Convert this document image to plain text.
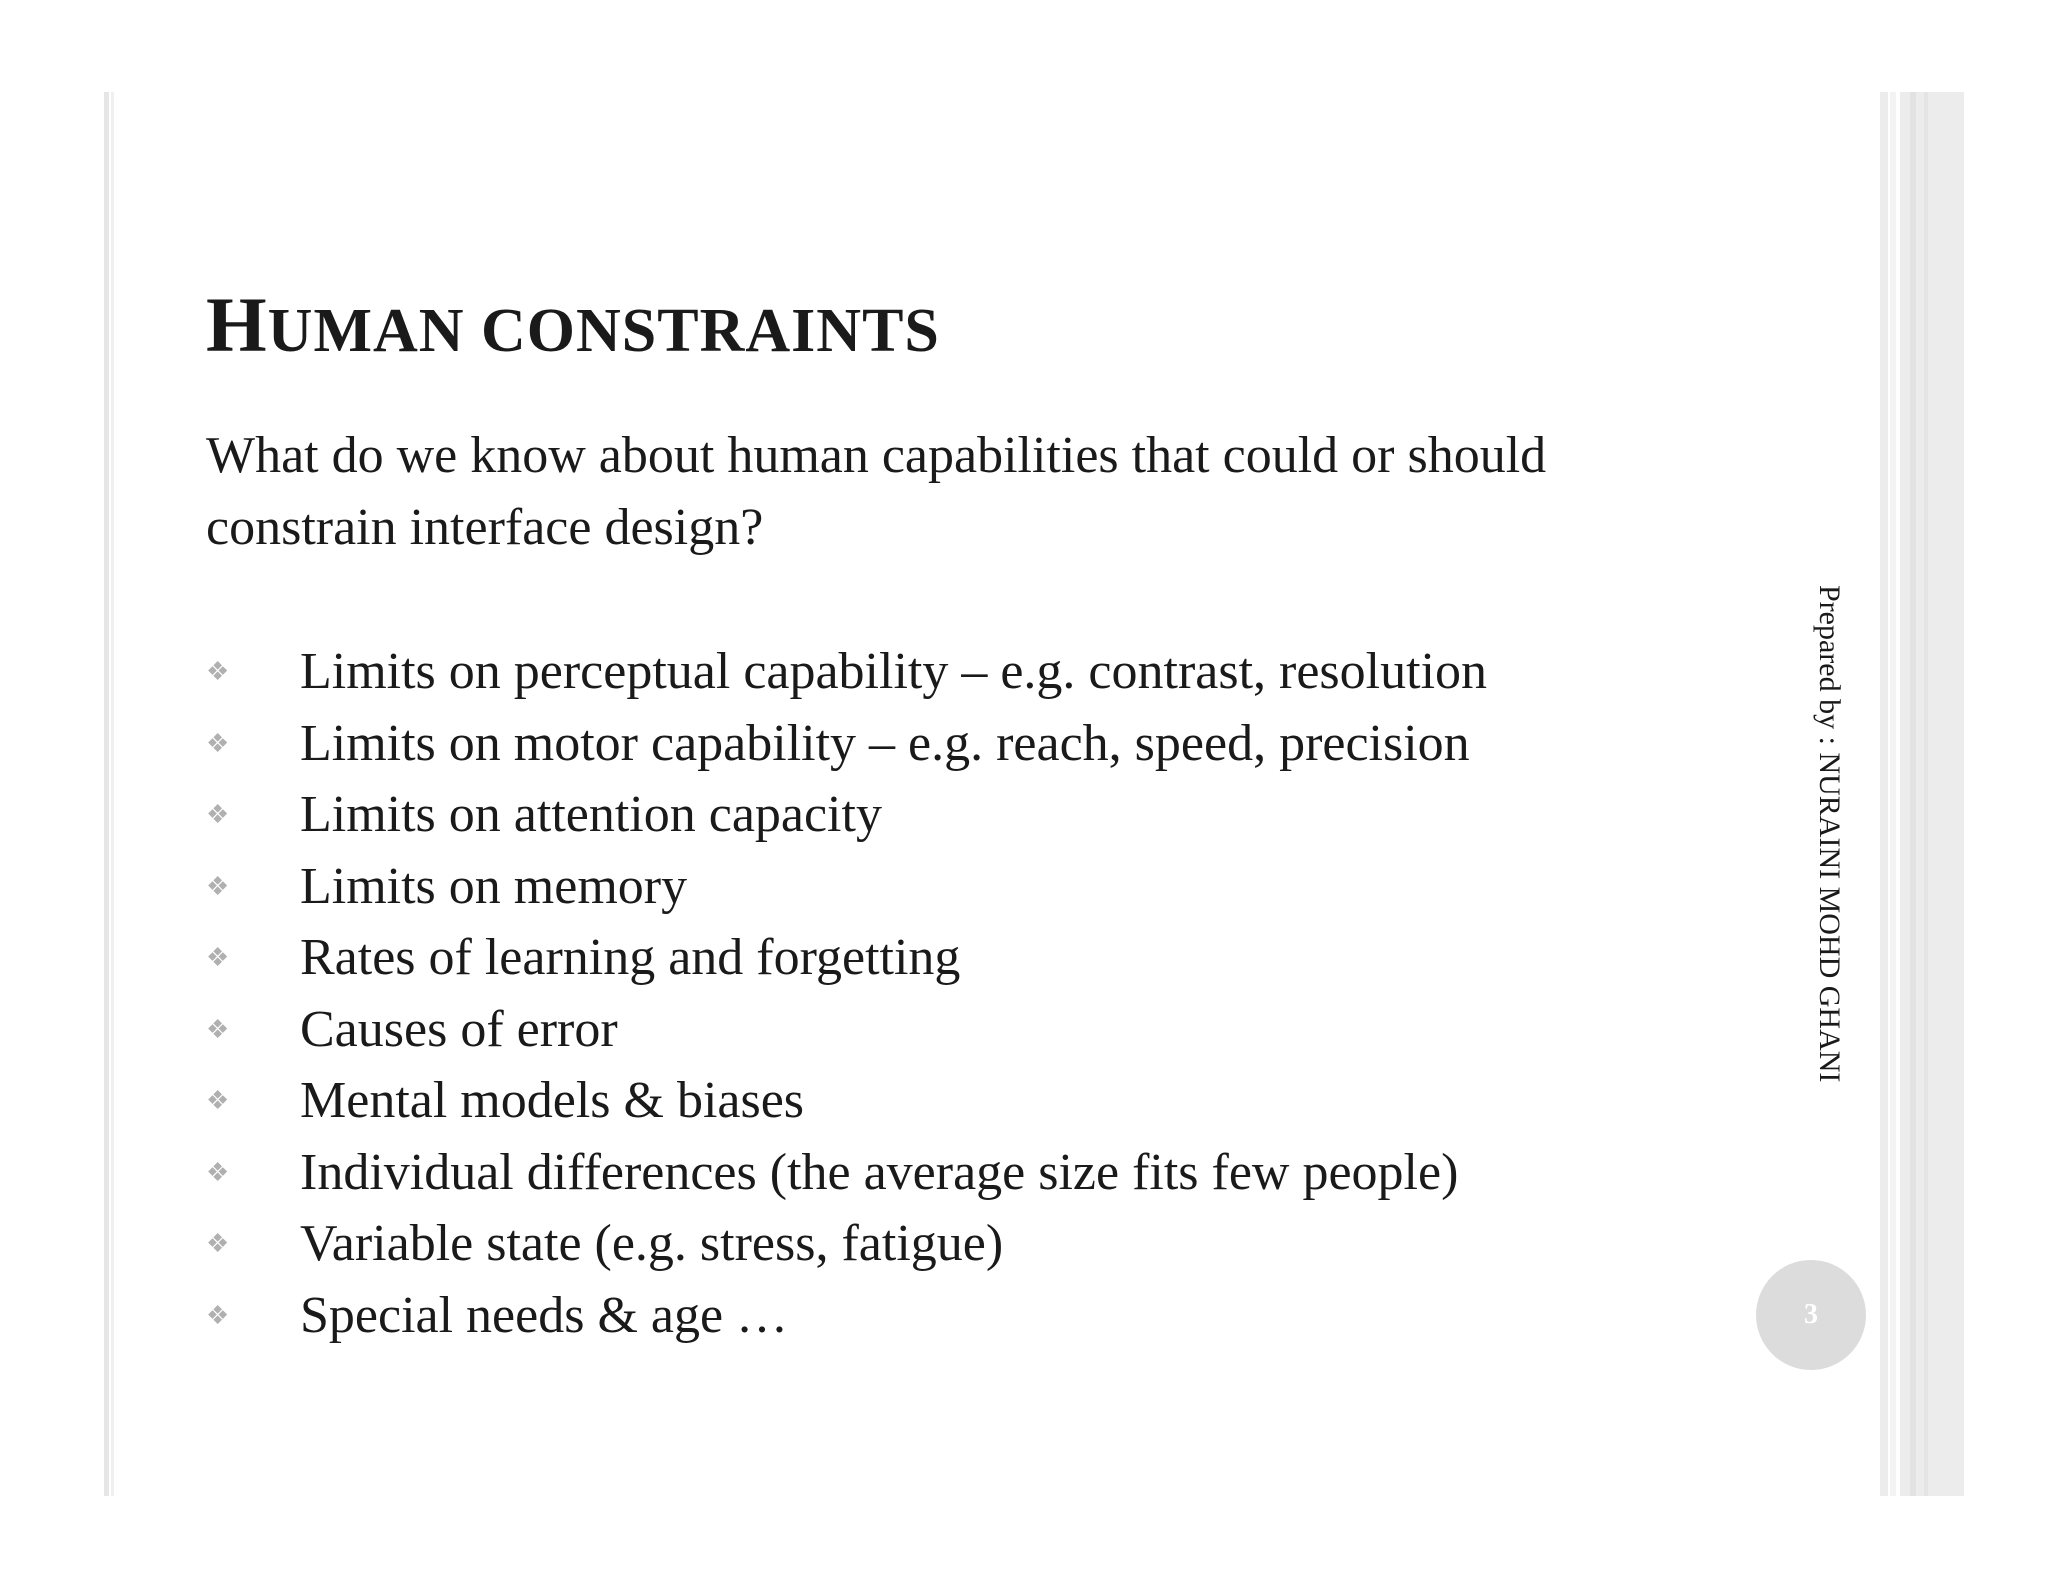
HUMAN CONSTRAINTS

What do we know about human capabilities that could or should constrain interface design?

❖	Limits on perceptual capability – e.g. contrast, resolution
❖	Limits on motor capability – e.g. reach, speed, precision
❖	Limits on attention capacity
❖	Limits on memory
❖	Rates of learning and forgetting
❖	Causes of error
❖	Mental models & biases
❖	Individual differences (the average size fits few people)
❖	Variable state (e.g. stress, fatigue)
❖	Special needs & age …
Prepared by : NURAINI MOHD GHANI
3
